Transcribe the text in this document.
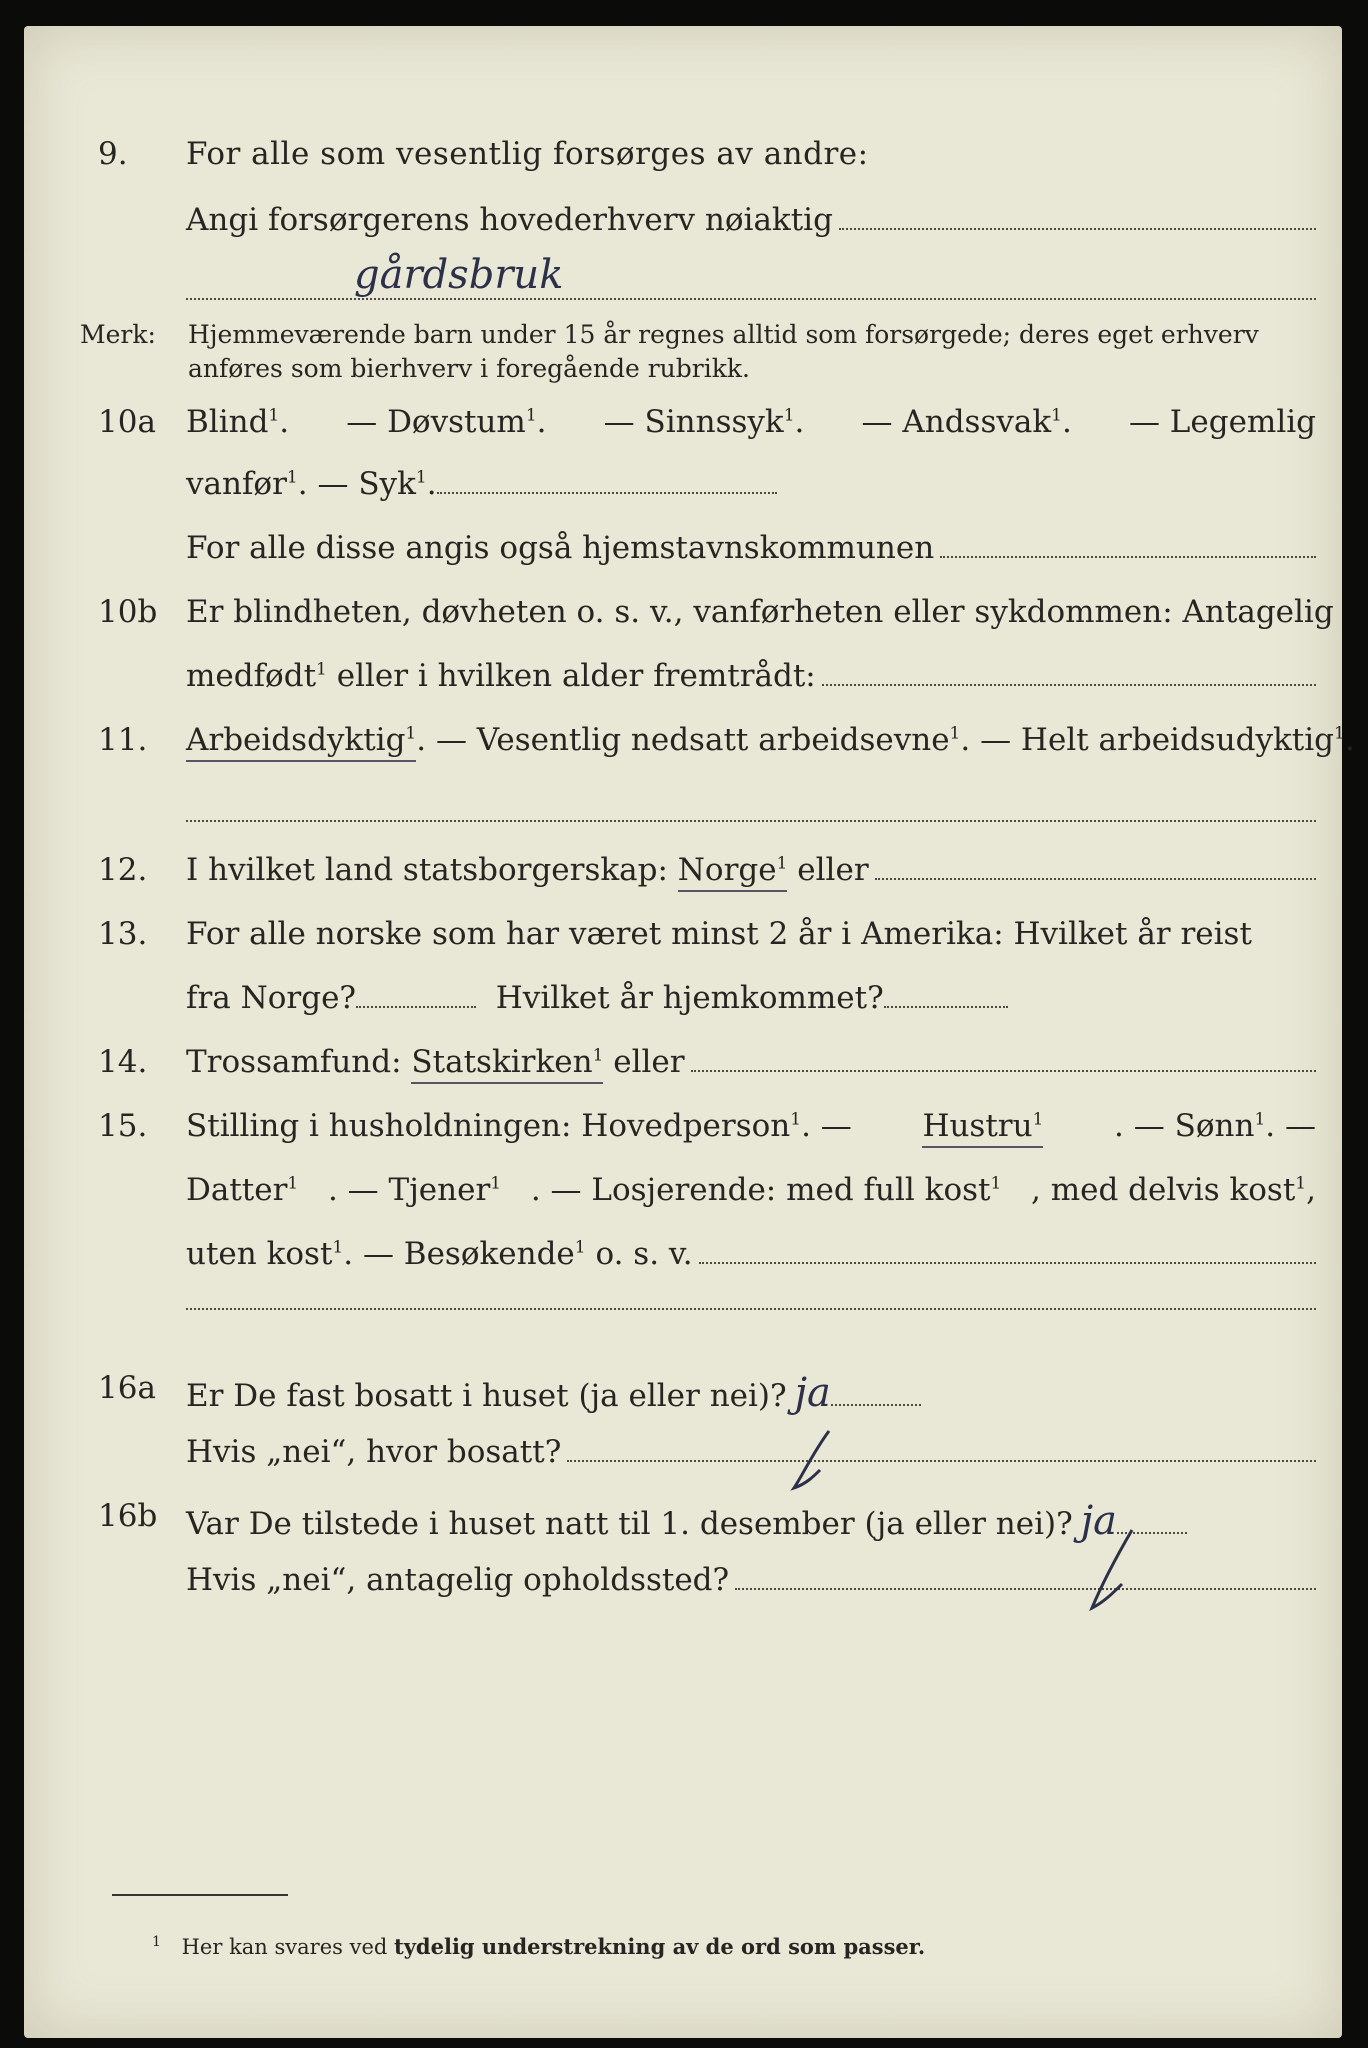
9. For alle som vesentlig forsørges av andre:
Angi forsørgerens hovederhverv nøiaktig
gårdsbruk
Merk: Hjemmeværende barn under 15 år regnes alltid som forsørgede; deres eget erhverv
anføres som bierhverv i foregående rubrikk.
10a Blind$^1$. — Døvstum$^1$. — Sinnssyk$^1$. — Andssvak$^1$. — Legemlig
vanfør$^1$. — Syk$^1$.
For alle disse angis også hjemstavnskommunen
10b Er blindheten, døvheten o. s. v., vanførheten eller sykdommen: Antagelig
medfødt$^1$ eller i hvilken alder fremtrådt:
11. Arbeidsdyktig$^1$ . — Vesentlig nedsatt arbeidsevne$^1$ . — Helt arbeidsudyktig$^1$.
12. I hvilket land statsborgerskap:
Norge$^1$
eller
13. For alle norske som har været minst 2 år i Amerika: Hvilket år reist
fra Norge?
	Hvilket år hjemkommet?
14. Trossamfund:
Statskirken$^1$
eller
15. Stilling i husholdningen: Hovedperson$^1$. — Hustru$^1$ . — Sønn$^1$. —
Datter$^1$ . — Tjener$^1$ . — Losjerende: med full kost$^1$ , med delvis kost$^1$,
uten kost$^1$ . — Besøkende$^1$ o. s. v.
16a Er De fast bosatt i huset (ja eller nei)? ja
Hvis „nei“, hvor bosatt?
16b Var De tilstede i huset natt til 1. desember (ja eller nei)? ja
Hvis „nei“, antagelig opholdssted?
$^1$ Her kan svares ved tydelig understrekning av de ord som passer.
